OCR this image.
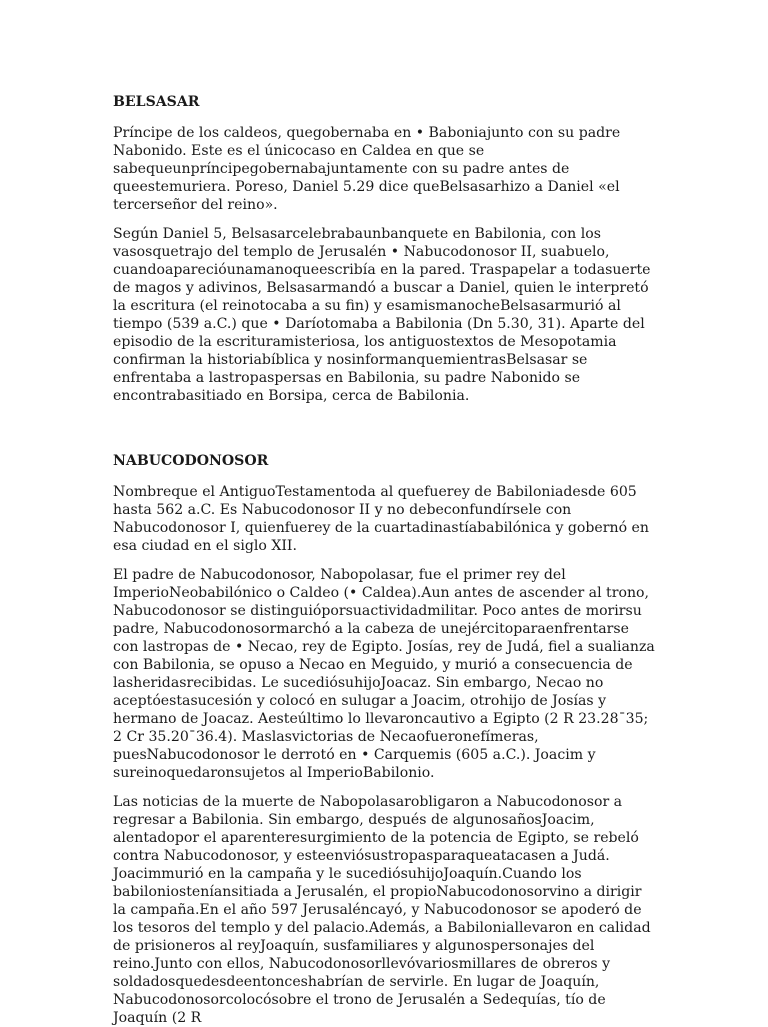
BELSASAR

Príncipe de los caldeos, quegobernaba en • Baboniajunto con su padre Nabonido. Este es el únicocaso en Caldea en que se sabequeunpríncipegobernabajuntamente con su padre antes de queestemuriera. Poreso, Daniel 5.29 dice queBelsasarhizo a Daniel «el tercerseñor del reino».

Según Daniel 5, Belsasarcelebrabaunbanquete en Babilonia, con los vasosquetrajo del templo de Jerusalén • Nabucodonosor II, suabuelo, cuandoaparecióunamanoqueescribía en la pared. Traspapelar a todasuerte de magos y adivinos, Belsasarmandó a buscar a Daniel, quien le interpretó la escritura (el reinotocaba a su fin) y esamismanocheBelsasarmurió al tiempo (539 a.C.) que • Daríotomaba a Babilonia (Dn 5.30, 31). Aparte del episodio de la escrituramisteriosa, los antiguostextos de Mesopotamia confirman la historiabíblica y nosinformanquemientrasBelsasar se enfrentaba a lastropaspersas en Babilonia, su padre Nabonido se encontrabasitiado en Borsipa, cerca de Babilonia.

NABUCODONOSOR

Nombreque el AntiguoTestamentoda al quefuerey de Babiloniadesde 605 hasta 562 a.C. Es Nabucodonosor II y no debeconfundírsele con Nabucodonosor I, quienfuerey de la cuartadinastíababilónica y gobernó en esa ciudad en el siglo XII.

El padre de Nabucodonosor, Nabopolasar, fue el primer rey del ImperioNeobabilónico o Caldeo (• Caldea).Aun antes de ascender al trono, Nabucodonosor se distinguióporsuactividadmilitar. Poco antes de morirsu padre, Nabucodonosormarchó a la cabeza de unejércitoparaenfrentarse con lastropas de • Necao, rey de Egipto. Josías, rey de Judá, fiel a sualianza con Babilonia, se opuso a Necao en Meguido, y murió a consecuencia de lasheridasrecibidas. Le sucediósuhijoJoacaz. Sin embargo, Necao no aceptóestasucesión y colocó en sulugar a Joacim, otrohijo de Josías y hermano de Joacaz. Aesteúltimo lo llevaroncautivo a Egipto (2 R 23.28¯35; 2 Cr 35.20¯36.4). Maslasvictorias de Necaofueronefímeras, puesNabucodonosor le derrotó en • Carquemis (605 a.C.). Joacim y sureinoquedaronsujetos al ImperioBabilonio.

Las noticias de la muerte de Nabopolasarobligaron a Nabucodonosor a regresar a Babilonia. Sin embargo, después de algunosañosJoacim, alentadopor el aparenteresurgimiento de la potencia de Egipto, se rebeló contra Nabucodonosor, y esteenviósustropasparaqueatacasen a Judá. Joacimmurió en la campaña y le sucediósuhijoJoaquín.Cuando los babiloniosteníansitiada a Jerusalén, el propioNabucodonosorvino a dirigir la campaña.En el año 597 Jerusaléncayó, y Nabucodonosor se apoderó de los tesoros del templo y del palacio.Además, a Babiloniallevaron en calidad de prisioneros al reyJoaquín, susfamiliares y algunospersonajes del reino.Junto con ellos, Nabucodonosorllevóvariosmillares de obreros y soldadosquedesdeentonceshabrían de servirle. En lugar de Joaquín, Nabucodonosorcolocósobre el trono de Jerusalén a Sedequías, tío de Joaquín (2 R
